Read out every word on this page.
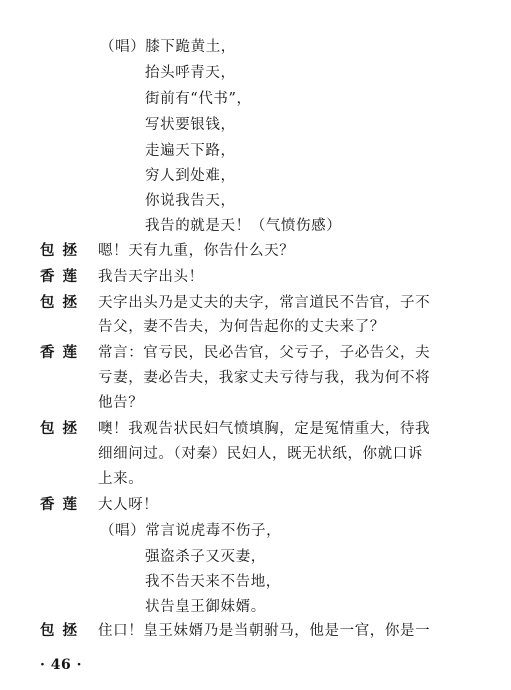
（唱）膝下跪黄土，
抬头呼青天，
街前有“代书”，
写状要银钱，
走遍天下路，
穷人到处难，
你说我告天，
我告的就是天！（气愤伤感）
包拯 嗯！天有九重，你告什么天？
香莲 我告天字出头！
包拯 天字出头乃是丈夫的夫字，常言道民不告官，子不
告父，妻不告夫，为何告起你的丈夫来了？
香莲 常言：官亏民，民必告官，父亏子，子必告父，夫
亏妻，妻必告夫，我家丈夫亏待与我，我为何不将
他告？
包拯 噢！我观告状民妇气愤填胸，定是冤情重大，待我
细细问过。（对秦）民妇人，既无状纸，你就口诉
上来。
香莲 大人呀！
（唱）常言说虎毒不伤子，
强盗杀子又灭妻，
我不告天来不告地，
状告皇王御妹婿。
包拯 住口！皇王妹婿乃是当朝驸马，他是一官，你是一
· 46 ·
